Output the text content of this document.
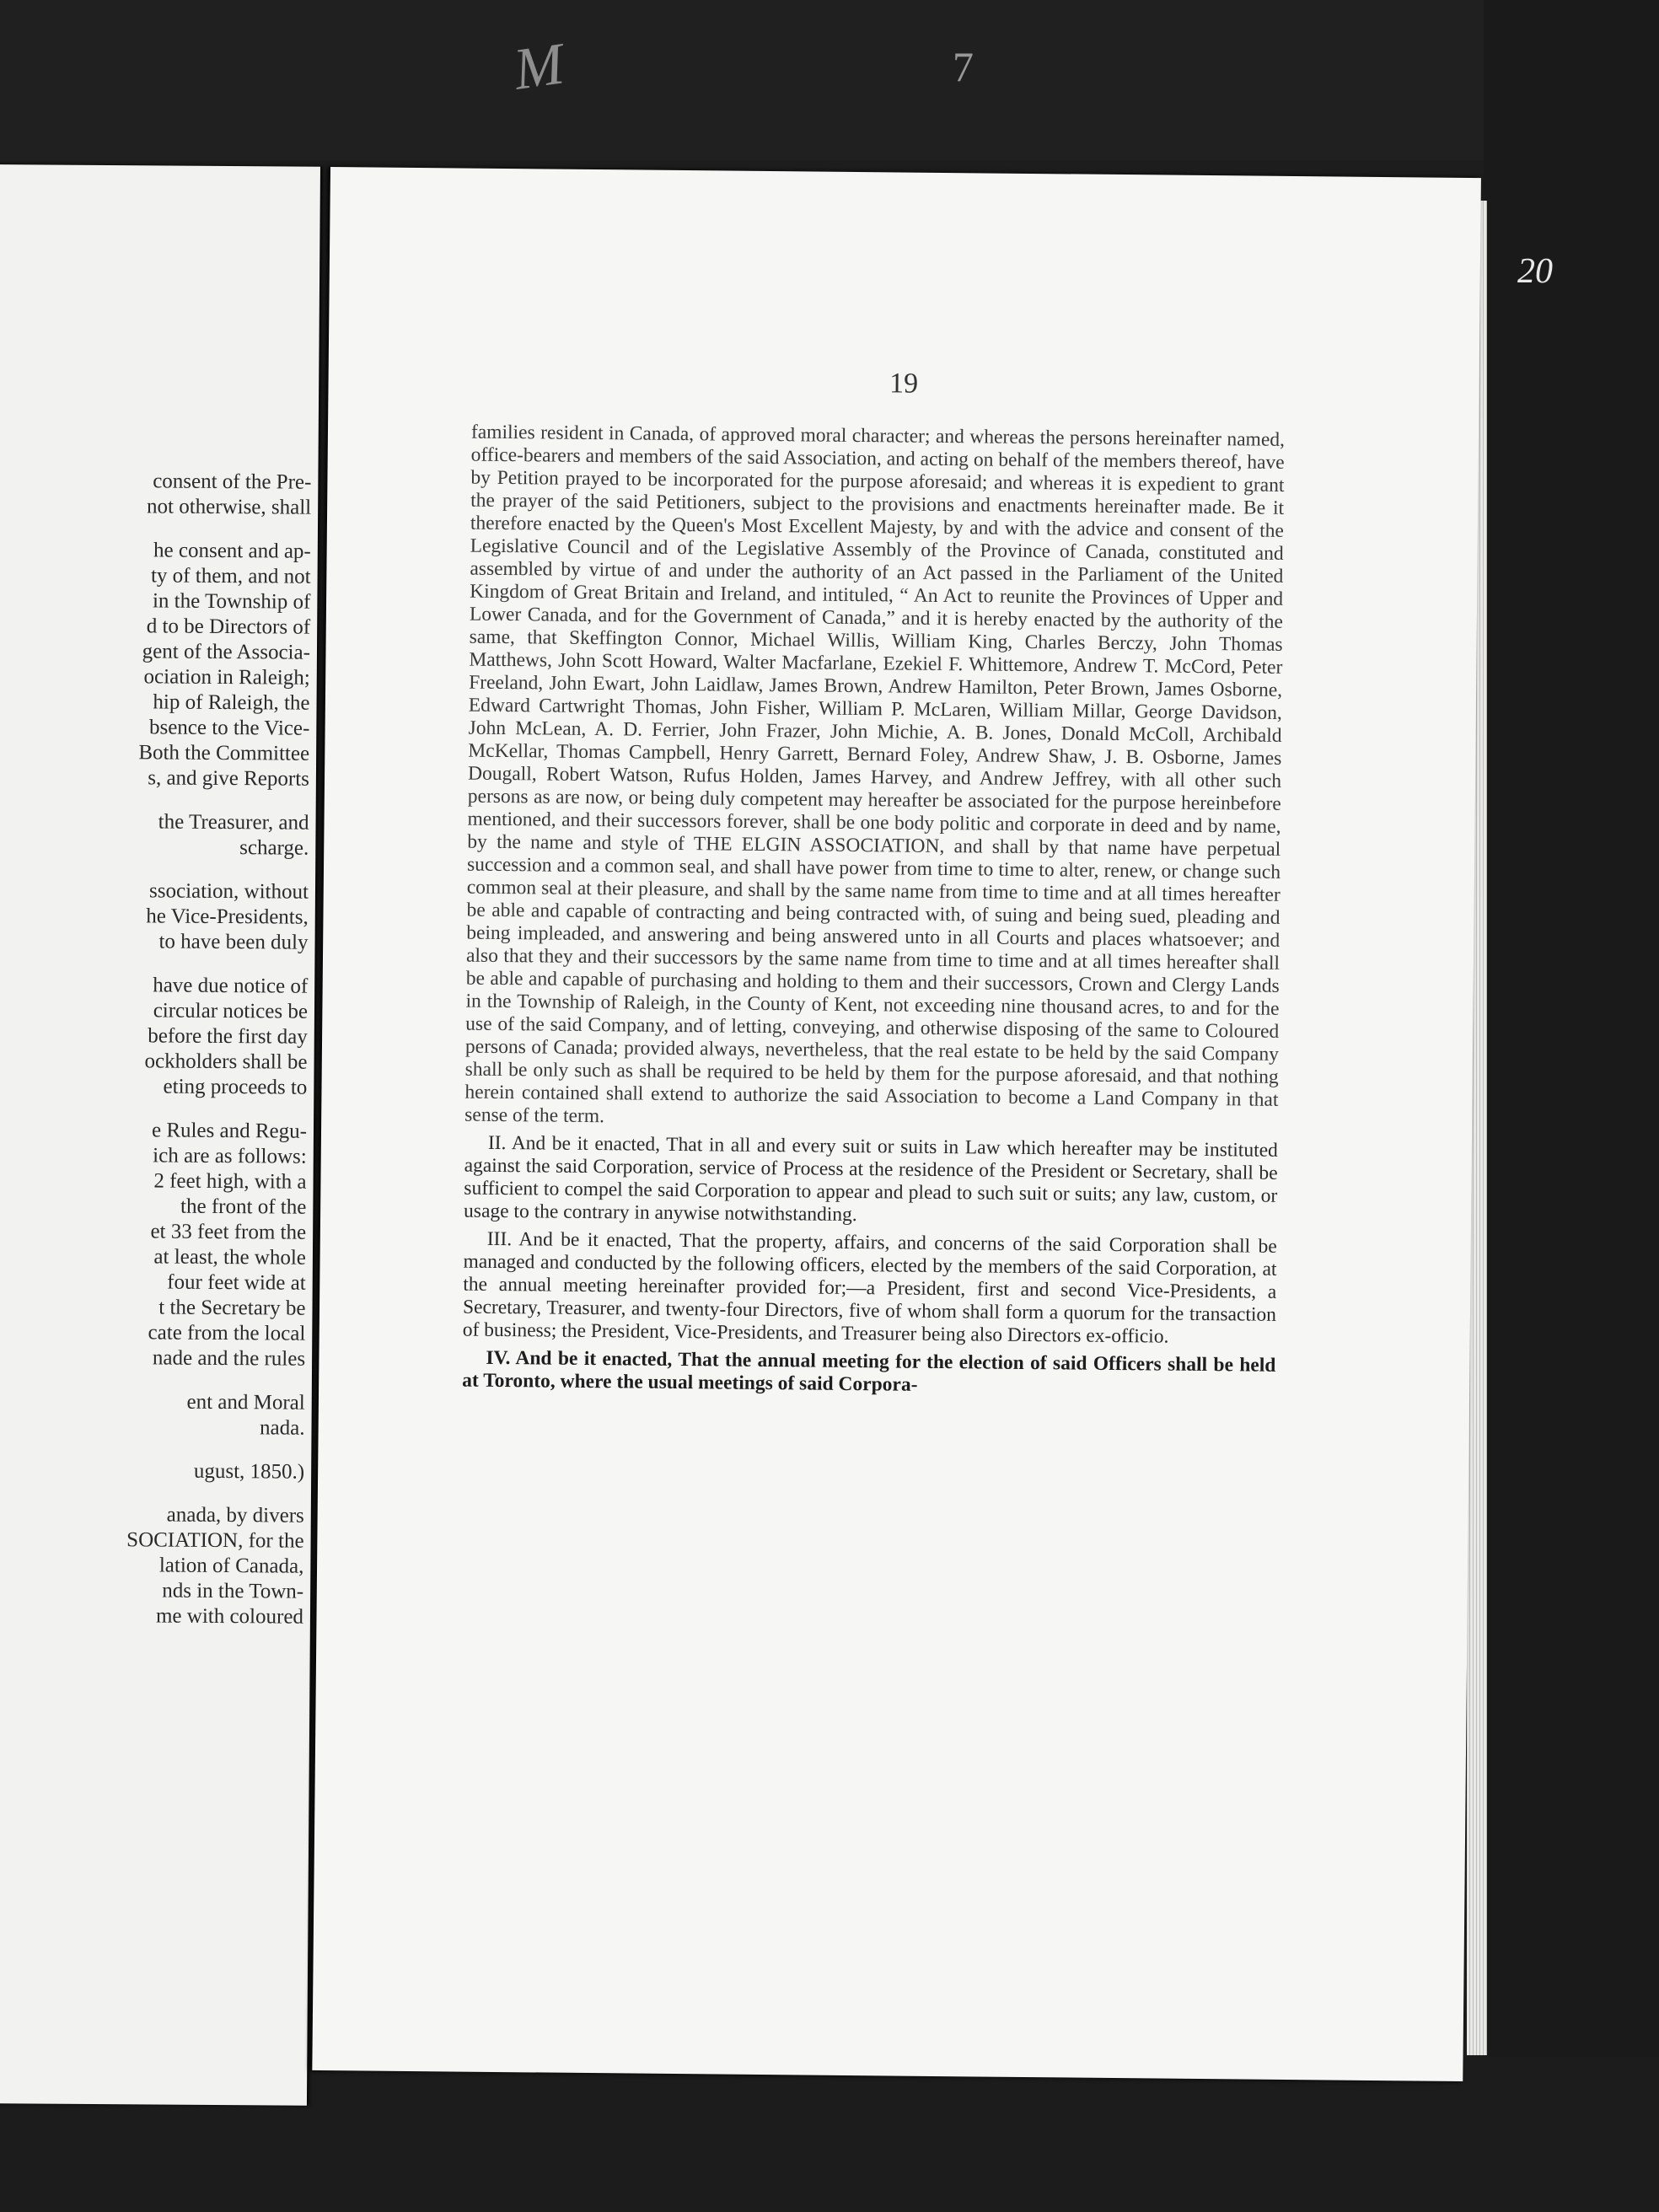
M	7
20
consent of the Pre-
not otherwise, shall
he consent and ap-
ty of them, and not
in the Township of
d to be Directors of
gent of the Associa-
ociation in Raleigh;
hip of Raleigh, the
bsence to the Vice-
Both the Committee
s, and give Reports
the Treasurer, and
scharge.
ssociation, without
he Vice-Presidents,
to have been duly
have due notice of
circular notices be
before the first day
ockholders shall be
eting proceeds to
e Rules and Regu-
ich are as follows:
2 feet high, with a
the front of the
et 33 feet from the
at least, the whole
four feet wide at
t the Secretary be
cate from the local
nade and the rules
ent and Moral
nada.
ugust, 1850.)
anada, by divers
SOCIATION, for the
lation of Canada,
nds in the Town-
me with coloured
19

families resident in Canada, of approved moral character; and whereas the persons hereinafter named, office-bearers and members of the said Association, and acting on behalf of the members thereof, have by Petition prayed to be incorporated for the purpose aforesaid; and whereas it is expedient to grant the prayer of the said Petitioners, subject to the provisions and enactments hereinafter made. Be it therefore enacted by the Queen's Most Excellent Majesty, by and with the advice and consent of the Legislative Council and of the Legislative Assembly of the Province of Canada, constituted and assembled by virtue of and under the authority of an Act passed in the Parliament of the United Kingdom of Great Britain and Ireland, and intituled, “ An Act to reunite the Provinces of Upper and Lower Canada, and for the Government of Canada,” and it is hereby enacted by the authority of the same, that Skeffington Connor, Michael Willis, William King, Charles Berczy, John Thomas Matthews, John Scott Howard, Walter Macfarlane, Ezekiel F. Whittemore, Andrew T. McCord, Peter Freeland, John Ewart, John Laidlaw, James Brown, Andrew Hamilton, Peter Brown, James Osborne, Edward Cartwright Thomas, John Fisher, William P. McLaren, William Millar, George Davidson, John McLean, A. D. Ferrier, John Frazer, John Michie, A. B. Jones, Donald McColl, Archibald McKellar, Thomas Campbell, Henry Garrett, Bernard Foley, Andrew Shaw, J. B. Osborne, James Dougall, Robert Watson, Rufus Holden, James Harvey, and Andrew Jeffrey, with all other such persons as are now, or being duly competent may hereafter be associated for the purpose hereinbefore mentioned, and their successors forever, shall be one body politic and corporate in deed and by name, by the name and style of THE ELGIN ASSOCIATION, and shall by that name have perpetual succession and a common seal, and shall have power from time to time to alter, renew, or change such common seal at their pleasure, and shall by the same name from time to time and at all times hereafter be able and capable of contracting and being contracted with, of suing and being sued, pleading and being impleaded, and answering and being answered unto in all Courts and places whatsoever; and also that they and their successors by the same name from time to time and at all times hereafter shall be able and capable of purchasing and holding to them and their successors, Crown and Clergy Lands in the Township of Raleigh, in the County of Kent, not exceeding nine thousand acres, to and for the use of the said Company, and of letting, conveying, and otherwise disposing of the same to Coloured persons of Canada; provided always, nevertheless, that the real estate to be held by the said Company shall be only such as shall be required to be held by them for the purpose aforesaid, and that nothing herein contained shall extend to authorize the said Association to become a Land Company in that sense of the term.

II. And be it enacted, That in all and every suit or suits in Law which hereafter may be instituted against the said Corporation, service of Process at the residence of the President or Secretary, shall be sufficient to compel the said Corporation to appear and plead to such suit or suits; any law, custom, or usage to the contrary in anywise notwithstanding.

III. And be it enacted, That the property, affairs, and concerns of the said Corporation shall be managed and conducted by the following officers, elected by the members of the said Corporation, at the annual meeting hereinafter provided for;—a President, first and second Vice-Presidents, a Secretary, Treasurer, and twenty-four Directors, five of whom shall form a quorum for the transaction of business; the President, Vice-Presidents, and Treasurer being also Directors ex-officio.

IV. And be it enacted, That the annual meeting for the election of said Officers shall be held at Toronto, where the usual meetings of said Corpora-
